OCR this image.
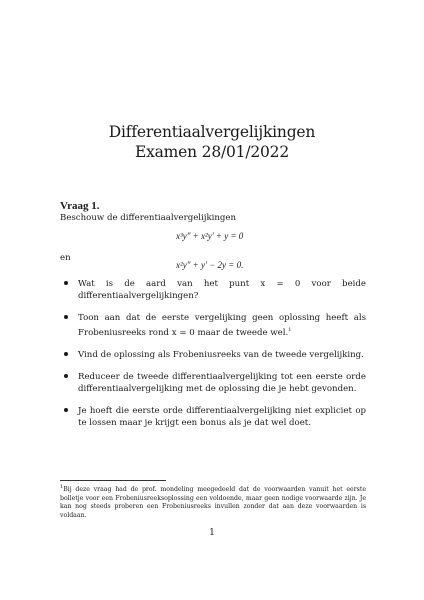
Differentiaalvergelijkingen
Examen 28/01/2022
Vraag 1.
Beschouw de differentiaalvergelijkingen
x³y″ + x²y′ + y = 0
en
x²y″ + y′ − 2y = 0.
Wat is de aard van het punt x = 0 voor beide differentiaalvergelijkingen?
Toon aan dat de eerste vergelijking geen oplossing heeft als Frobeniusreeks rond x = 0 maar de tweede wel.$^1$
Vind de oplossing als Frobeniusreeks van de tweede vergelijking.
Reduceer de tweede differentiaalvergelijking tot een eerste orde differentiaalvergelijking met de oplossing die je hebt gevonden.
Je hoeft die eerste orde differentiaalvergelijking niet expliciet op te lossen maar je krijgt een bonus als je dat wel doet.
$^1$Bij deze vraag had de prof. mondeling meegedeeld dat de voorwaarden vanuit het eerste bolletje voor een Frobeniusreeksoplossing een voldoende, maar geen nodige voorwaarde zijn. Je kan nog steeds proberen een Frobeniusreeks invullen zonder dat aan deze voorwaarden is voldaan.
1
